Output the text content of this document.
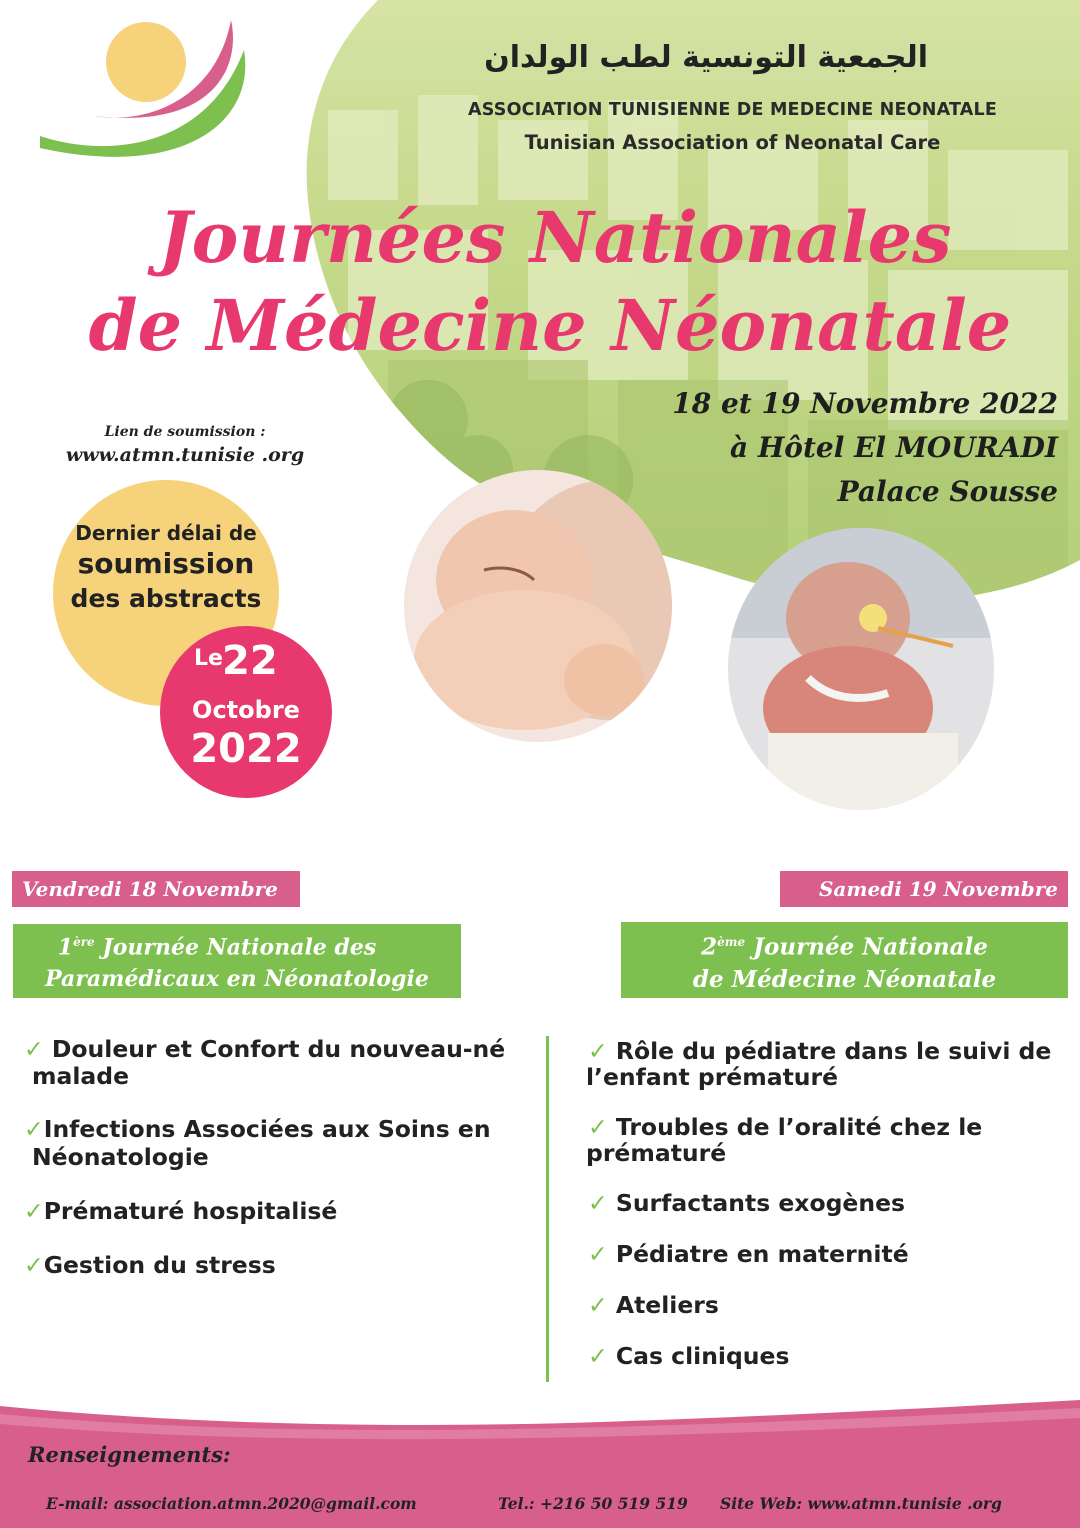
الجمعية التونسية لطب الولدان
ASSOCIATION TUNISIENNE DE MEDECINE NEONATALE
Tunisian Association of Neonatal Care
Journées Nationales
de Médecine Néonatale
18 et 19 Novembre 2022
à Hôtel El MOURADI
Palace Sousse
Lien de soumission :
www.atmn.tunisie .org
Dernier délai de
soumission
des abstracts
Le 22
Octobre
2022
Vendredi 18 Novembre
1ère Journée Nationale des
Paramédicaux en Néonatologie
✓ Douleur et Confort du nouveau-né
malade
✓Infections Associées aux Soins en
Néonatologie
✓Prématuré hospitalisé
✓Gestion du stress
Samedi 19 Novembre
2ème Journée Nationale
de Médecine Néonatale
✓ Rôle du pédiatre dans le suivi de
l’enfant prématuré
✓ Troubles de l’oralité chez le
prématuré
✓ Surfactants exogènes
✓ Pédiatre en maternité
✓ Ateliers
✓ Cas cliniques
Renseignements:
E-mail: association.atmn.2020@gmail.com	Tel.: +216 50 519 519 Site Web: www.atmn.tunisie .org
